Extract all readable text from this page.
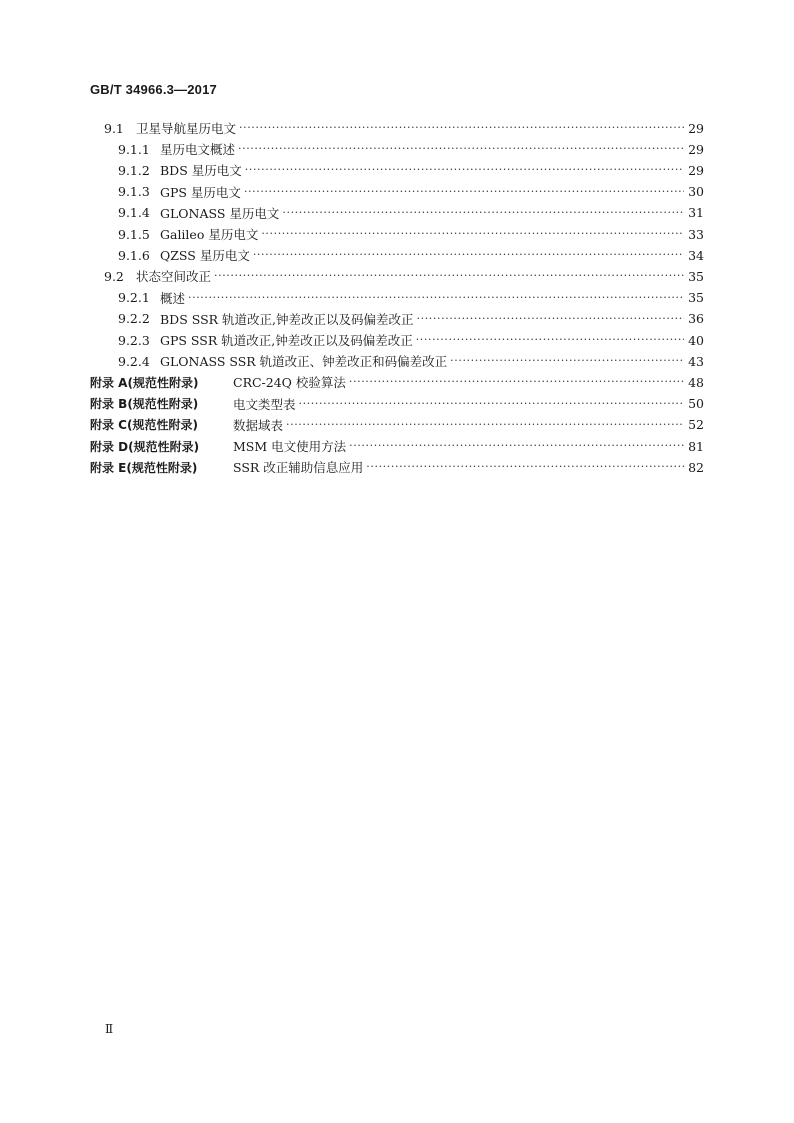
GB/T 34966.3—2017
9.1 卫星导航星历电文 ·····	29
9.1.1 星历电文概述 ·····	29
9.1.2 BDS 星历电文 ·····	29
9.1.3 GPS 星历电文 ·····	30
9.1.4 GLONASS 星历电文 ·····	31
9.1.5 Galileo 星历电文 ·····	33
9.1.6 QZSS 星历电文 ·····	34
9.2 状态空间改正 ·····	35
9.2.1 概述 ·····	35
9.2.2 BDS SSR 轨道改正,钟差改正以及码偏差改正 ·····	36
9.2.3 GPS SSR 轨道改正,钟差改正以及码偏差改正 ·····	40
9.2.4 GLONASS SSR 轨道改正、钟差改正和码偏差改正 ·····	43
附录 A(规范性附录)	CRC-24Q 校验算法 ·····	48
附录 B(规范性附录)	电文类型表 ·····	50
附录 C(规范性附录)	数据域表 ·····	52
附录 D(规范性附录)	MSM 电文使用方法 ·····	81
附录 E(规范性附录)	SSR 改正辅助信息应用 ·····	82
Ⅱ
